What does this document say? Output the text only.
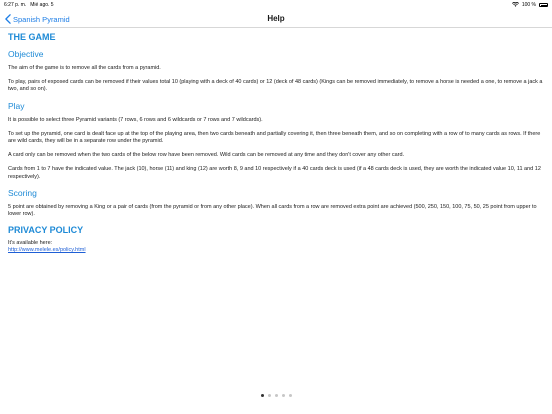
6:27 p. m. Mié ago. 5	100 %
Spanish Pyramid	Help
THE GAME
Objective
The aim of the game is to remove all the cards from a pyramid.
To play, pairs of exposed cards can be removed if their values total 10 (playing with a deck of 40 cards) or 12 (deck of 48 cards) (Kings can be removed immediately, to remove a horse is needed a one, to remove a jack a two, and so on).
Play
It is possible to select three Pyramid variants (7 rows, 6 rows and 6 wildcards or 7 rows and 7 wildcards).
To set up the pyramid, one card is dealt face up at the top of the playing area, then two cards beneath and partially covering it, then three beneath them, and so on completing with a row of to many cards as rows. If there are wild cards, they will be in a separate row under the pyramid.
A card only can be removed when the two cards of the below row have been removed. Wild cards can be removed at any time and they don't cover any other card.
Cards from 1 to 7 have the indicated value. The jack (10), horse (11) and king (12) are worth 8, 9 and 10 respectively if a 40 cards deck is used (if a 48 cards deck is used, they are worth the indicated value 10, 11 and 12 respectively).
Scoring
5 point are obtained by removing a King or a pair of cards (from the pyramid or from any other place). When all cards from a row are removed extra point are achieved (500, 250, 150, 100, 75, 50, 25 point from upper to lower row).
PRIVACY POLICY
It's available here:
http://www.melele.es/policy.html
